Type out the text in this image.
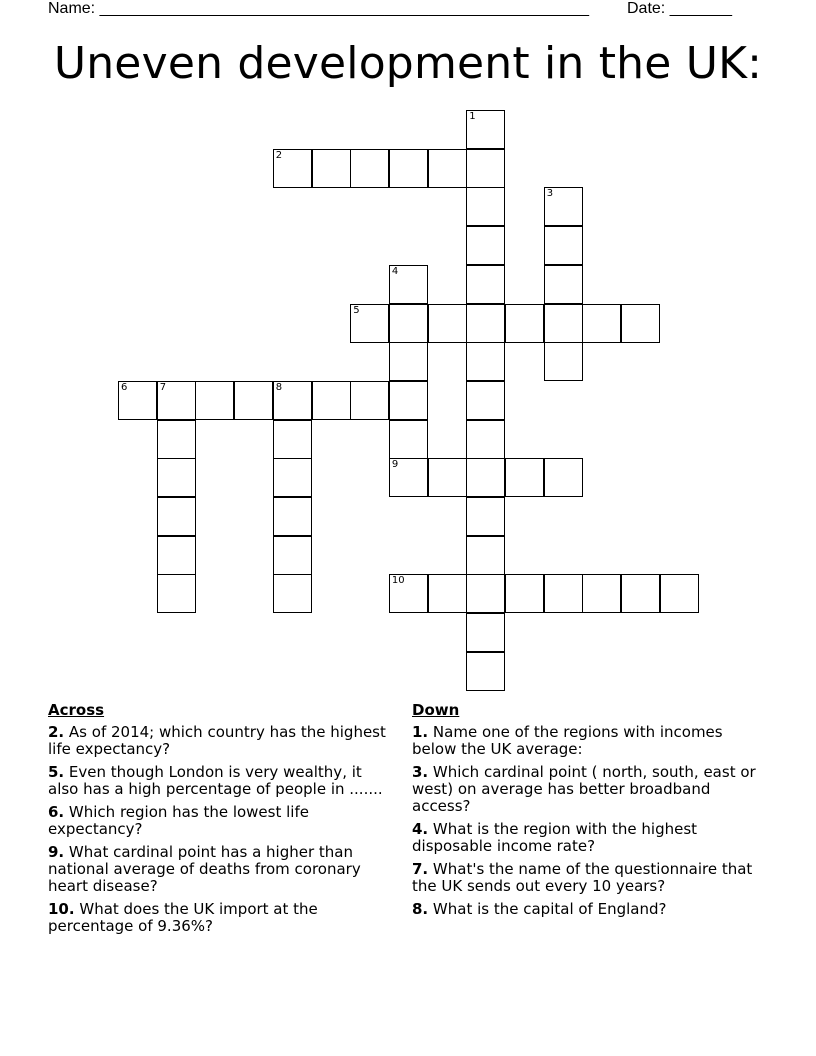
Name: _______________________________________________________ Date: _______
Uneven development in the UK:
1
2
3
4
9
5
6	7	8
10
Across
2. As of 2014; which country has the highest life expectancy?
5. Even though London is very wealthy, it also has a high percentage of people in .......
6. Which region has the lowest life expectancy?
9. What cardinal point has a higher than national average of deaths from coronary heart disease?
10. What does the UK import at the percentage of 9.36%?
Down
1. Name one of the regions with incomes below the UK average:
3. Which cardinal point ( north, south, east or west) on average has better broadband access?
4. What is the region with the highest disposable income rate?
7. What's the name of the questionnaire that the UK sends out every 10 years?
8. What is the capital of England?
